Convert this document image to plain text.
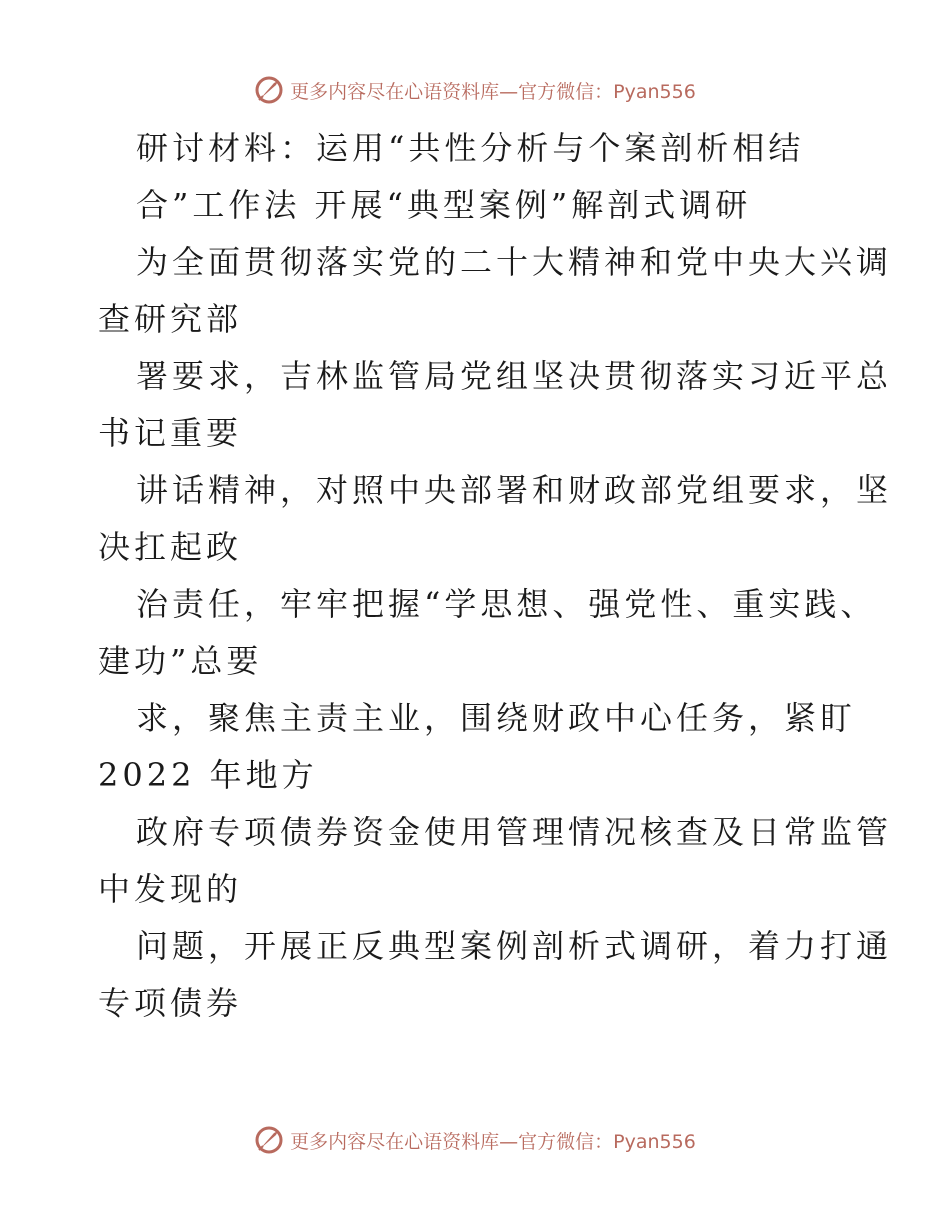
更多内容尽在心语资料库—官方微信：Pyan556
研讨材料：运用“共性分析与个案剖析相结
合”工作法 开展“典型案例”解剖式调研
为全面贯彻落实党的二十大精神和党中央大兴调
查研究部
署要求，吉林监管局党组坚决贯彻落实习近平总
书记重要
讲话精神，对照中央部署和财政部党组要求，坚
决扛起政
治责任，牢牢把握“学思想、强党性、重实践、
建功”总要
求，聚焦主责主业，围绕财政中心任务，紧盯
2022 年地方
政府专项债券资金使用管理情况核查及日常监管
中发现的
问题，开展正反典型案例剖析式调研，着力打通
专项债券
更多内容尽在心语资料库—官方微信：Pyan556
